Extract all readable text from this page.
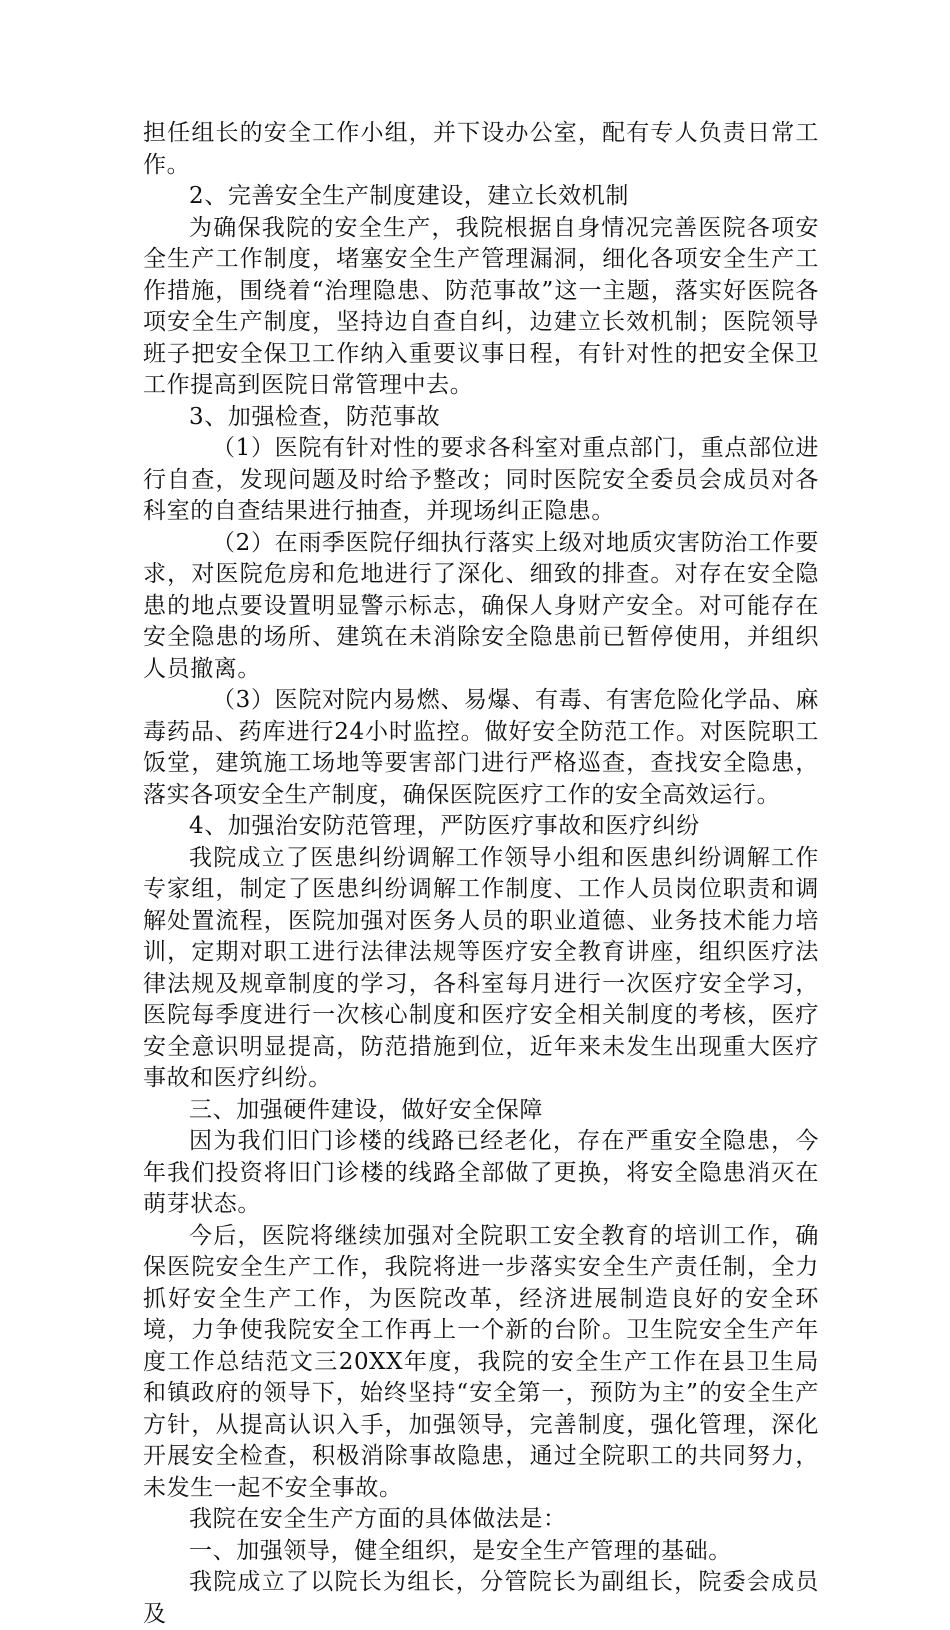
担任组长的安全工作小组，并下设办公室，配有专人负责日常工作。

2、完善安全生产制度建设，建立长效机制

为确保我院的安全生产，我院根据自身情况完善医院各项安全生产工作制度，堵塞安全生产管理漏洞，细化各项安全生产工作措施，围绕着“治理隐患、防范事故”这一主题，落实好医院各项安全生产制度，坚持边自查自纠，边建立长效机制；医院领导班子把安全保卫工作纳入重要议事日程，有针对性的把安全保卫工作提高到医院日常管理中去。

3、加强检查，防范事故

（1）医院有针对性的要求各科室对重点部门，重点部位进行自查，发现问题及时给予整改；同时医院安全委员会成员对各科室的自查结果进行抽查，并现场纠正隐患。

（2）在雨季医院仔细执行落实上级对地质灾害防治工作要求，对医院危房和危地进行了深化、细致的排查。对存在安全隐患的地点要设置明显警示标志，确保人身财产安全。对可能存在安全隐患的场所、建筑在未消除安全隐患前已暂停使用，并组织人员撤离。

（3）医院对院内易燃、易爆、有毒、有害危险化学品、麻毒药品、药库进行24小时监控。做好安全防范工作。对医院职工饭堂，建筑施工场地等要害部门进行严格巡查，查找安全隐患，落实各项安全生产制度，确保医院医疗工作的安全高效运行。

4、加强治安防范管理，严防医疗事故和医疗纠纷

我院成立了医患纠纷调解工作领导小组和医患纠纷调解工作专家组，制定了医患纠纷调解工作制度、工作人员岗位职责和调解处置流程，医院加强对医务人员的职业道德、业务技术能力培训，定期对职工进行法律法规等医疗安全教育讲座，组织医疗法律法规及规章制度的学习，各科室每月进行一次医疗安全学习，医院每季度进行一次核心制度和医疗安全相关制度的考核，医疗安全意识明显提高，防范措施到位，近年来未发生出现重大医疗事故和医疗纠纷。

三、加强硬件建设，做好安全保障

因为我们旧门诊楼的线路已经老化，存在严重安全隐患，今年我们投资将旧门诊楼的线路全部做了更换，将安全隐患消灭在萌芽状态。

今后，医院将继续加强对全院职工安全教育的培训工作，确保医院安全生产工作，我院将进一步落实安全生产责任制，全力抓好安全生产工作，为医院改革，经济进展制造良好的安全环境，力争使我院安全工作再上一个新的台阶。卫生院安全生产年度工作总结范文三20XX年度，我院的安全生产工作在县卫生局和镇政府的领导下，始终坚持“安全第一，预防为主”的安全生产方针，从提高认识入手，加强领导，完善制度，强化管理，深化开展安全检查，积极消除事故隐患，通过全院职工的共同努力，未发生一起不安全事故。

我院在安全生产方面的具体做法是：

一、加强领导，健全组织，是安全生产管理的基础。

我院成立了以院长为组长，分管院长为副组长，院委会成员及
